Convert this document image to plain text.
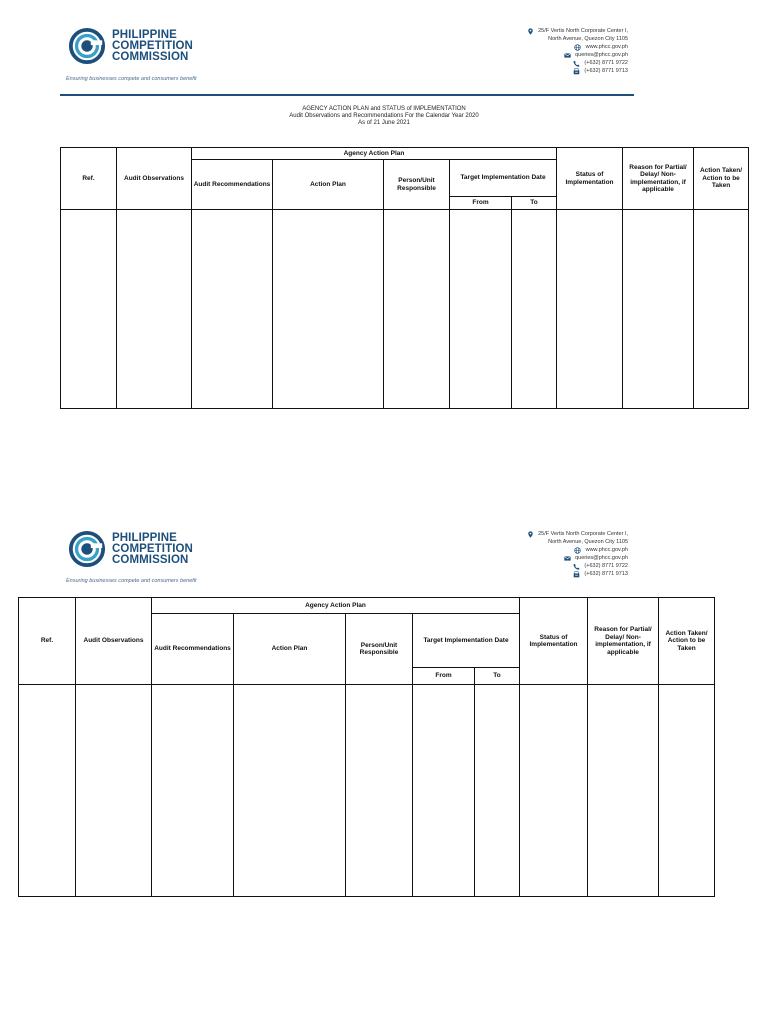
PHILIPPINE
COMPETITION
COMMISSION
Ensuring businesses compete and consumers benefit
25/F Vertis North Corporate Center I,
North Avenue, Quezon City 1105
www.phcc.gov.ph
queries@phcc.gov.ph
(+632) 8771 9722
(+632) 8771 9713
AGENCY ACTION PLAN and STATUS of IMPLEMENTATION
Audit Observations and Recommendations For the Calendar Year 2020
As of 21 June 2021
Ref.	Audit Observations	Agency Action Plan					Status of Implementation	Reason for Partial/ Delay/ Non-implementation, if applicable	Action Taken/ Action to be Taken
		Audit Recommendations	Action Plan	Person/Unit Responsible	Target Implementation Date				
					From	To			

PHILIPPINE
COMPETITION
COMMISSION
Ensuring businesses compete and consumers benefit
25/F Vertis North Corporate Center I,
North Avenue, Quezon City 1105
www.phcc.gov.ph
queries@phcc.gov.ph
(+632) 8771 9722
(+632) 8771 9713
Ref.	Audit Observations	Agency Action Plan					Status of Implementation	Reason for Partial/ Delay/ Non-implementation, if applicable	Action Taken/ Action to be Taken
		Audit Recommendations	Action Plan	Person/Unit Responsible	Target Implementation Date				
					From	To			
